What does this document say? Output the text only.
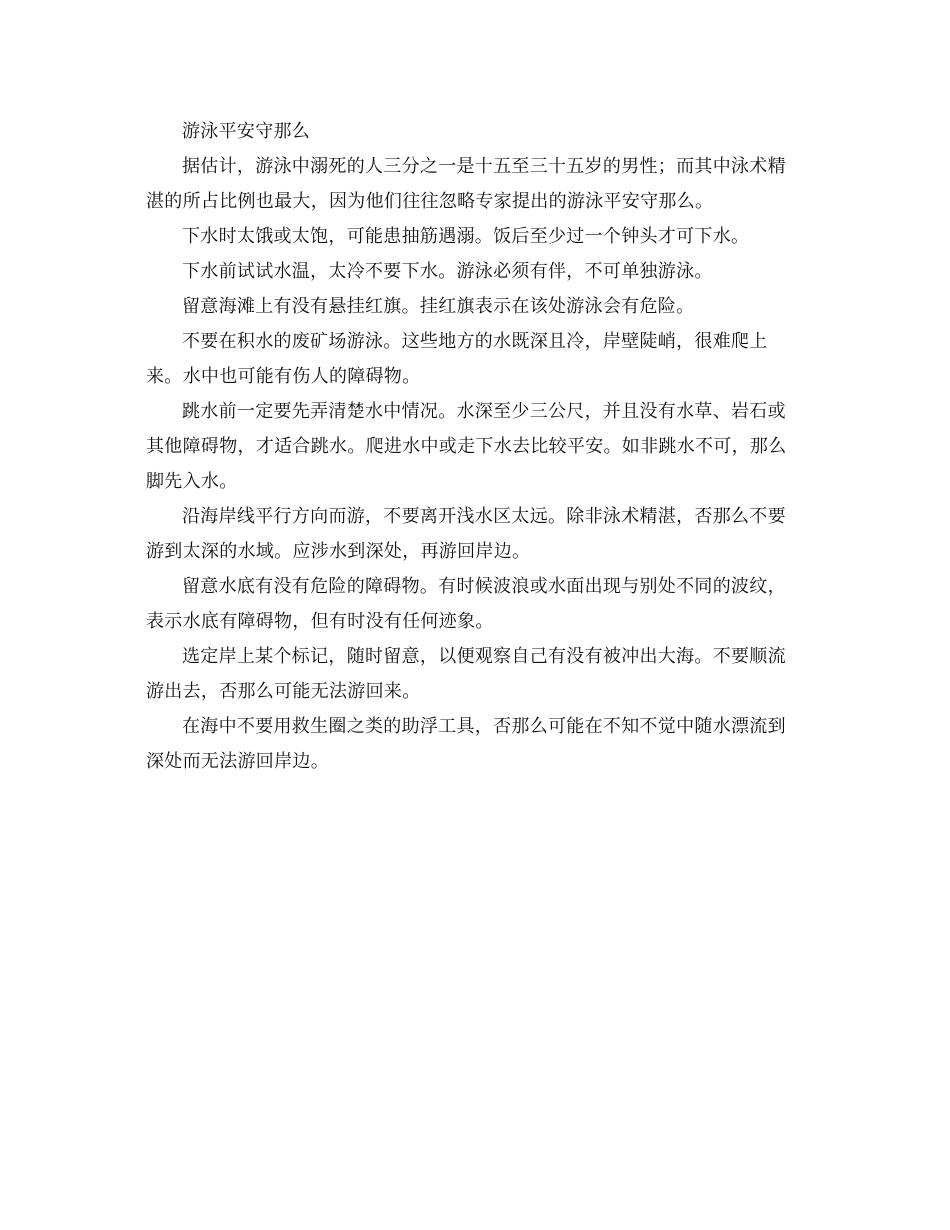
游泳平安守那么

据估计，游泳中溺死的人三分之一是十五至三十五岁的男性；而其中泳术精湛的所占比例也最大，因为他们往往忽略专家提出的游泳平安守那么。

下水时太饿或太饱，可能患抽筋遇溺。饭后至少过一个钟头才可下水。

下水前试试水温，太冷不要下水。游泳必须有伴，不可单独游泳。

留意海滩上有没有悬挂红旗。挂红旗表示在该处游泳会有危险。

不要在积水的废矿场游泳。这些地方的水既深且冷，岸壁陡峭，很难爬上来。水中也可能有伤人的障碍物。

跳水前一定要先弄清楚水中情况。水深至少三公尺，并且没有水草、岩石或其他障碍物，才适合跳水。爬进水中或走下水去比较平安。如非跳水不可，那么脚先入水。

沿海岸线平行方向而游，不要离开浅水区太远。除非泳术精湛，否那么不要游到太深的水域。应涉水到深处，再游回岸边。

留意水底有没有危险的障碍物。有时候波浪或水面出现与别处不同的波纹，表示水底有障碍物，但有时没有任何迹象。

选定岸上某个标记，随时留意，以便观察自己有没有被冲出大海。不要顺流游出去，否那么可能无法游回来。

在海中不要用救生圈之类的助浮工具，否那么可能在不知不觉中随水漂流到深处而无法游回岸边。
